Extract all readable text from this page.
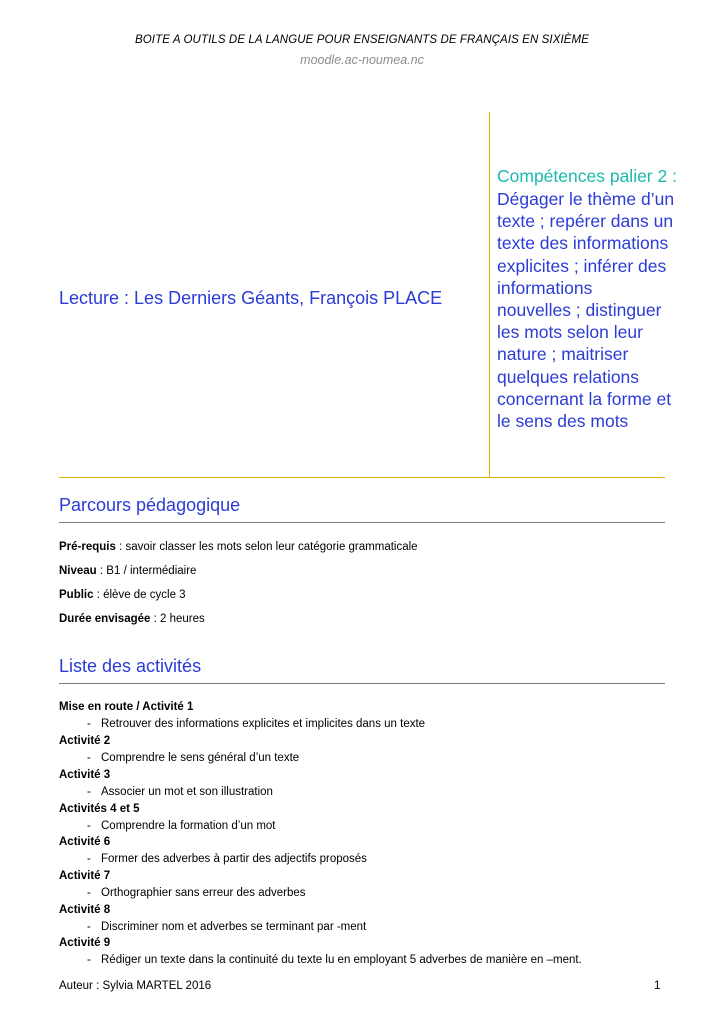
BOITE A OUTILS DE LA LANGUE POUR ENSEIGNANTS DE FRANÇAIS EN SIXIÈME
moodle.ac-noumea.nc
Lecture : Les Derniers Géants, François PLACE
Compétences palier 2 :
Dégager le thème d’un
texte ; repérer dans un
texte des informations
explicites ; inférer des
informations
nouvelles ; distinguer
les mots selon leur
nature ; maitriser
quelques relations
concernant la forme et
le sens des mots
Parcours pédagogique
Pré-requis : savoir classer les mots selon leur catégorie grammaticale
Niveau : B1 / intermédiaire
Public : élève de cycle 3
Durée envisagée : 2 heures
Liste des activités
Mise en route / Activité 1
- Retrouver des informations explicites et implicites dans un texte
Activité 2
- Comprendre le sens général d’un texte
Activité 3
- Associer un mot et son illustration
Activités 4 et 5
- Comprendre la formation d’un mot
Activité 6
- Former des adverbes à partir des adjectifs proposés
Activité 7
- Orthographier sans erreur des adverbes
Activité 8
- Discriminer nom et adverbes se terminant par -ment
Activité 9
- Rédiger un texte dans la continuité du texte lu en employant 5 adverbes de manière en –ment.
Auteur : Sylvia MARTEL 2016	1
